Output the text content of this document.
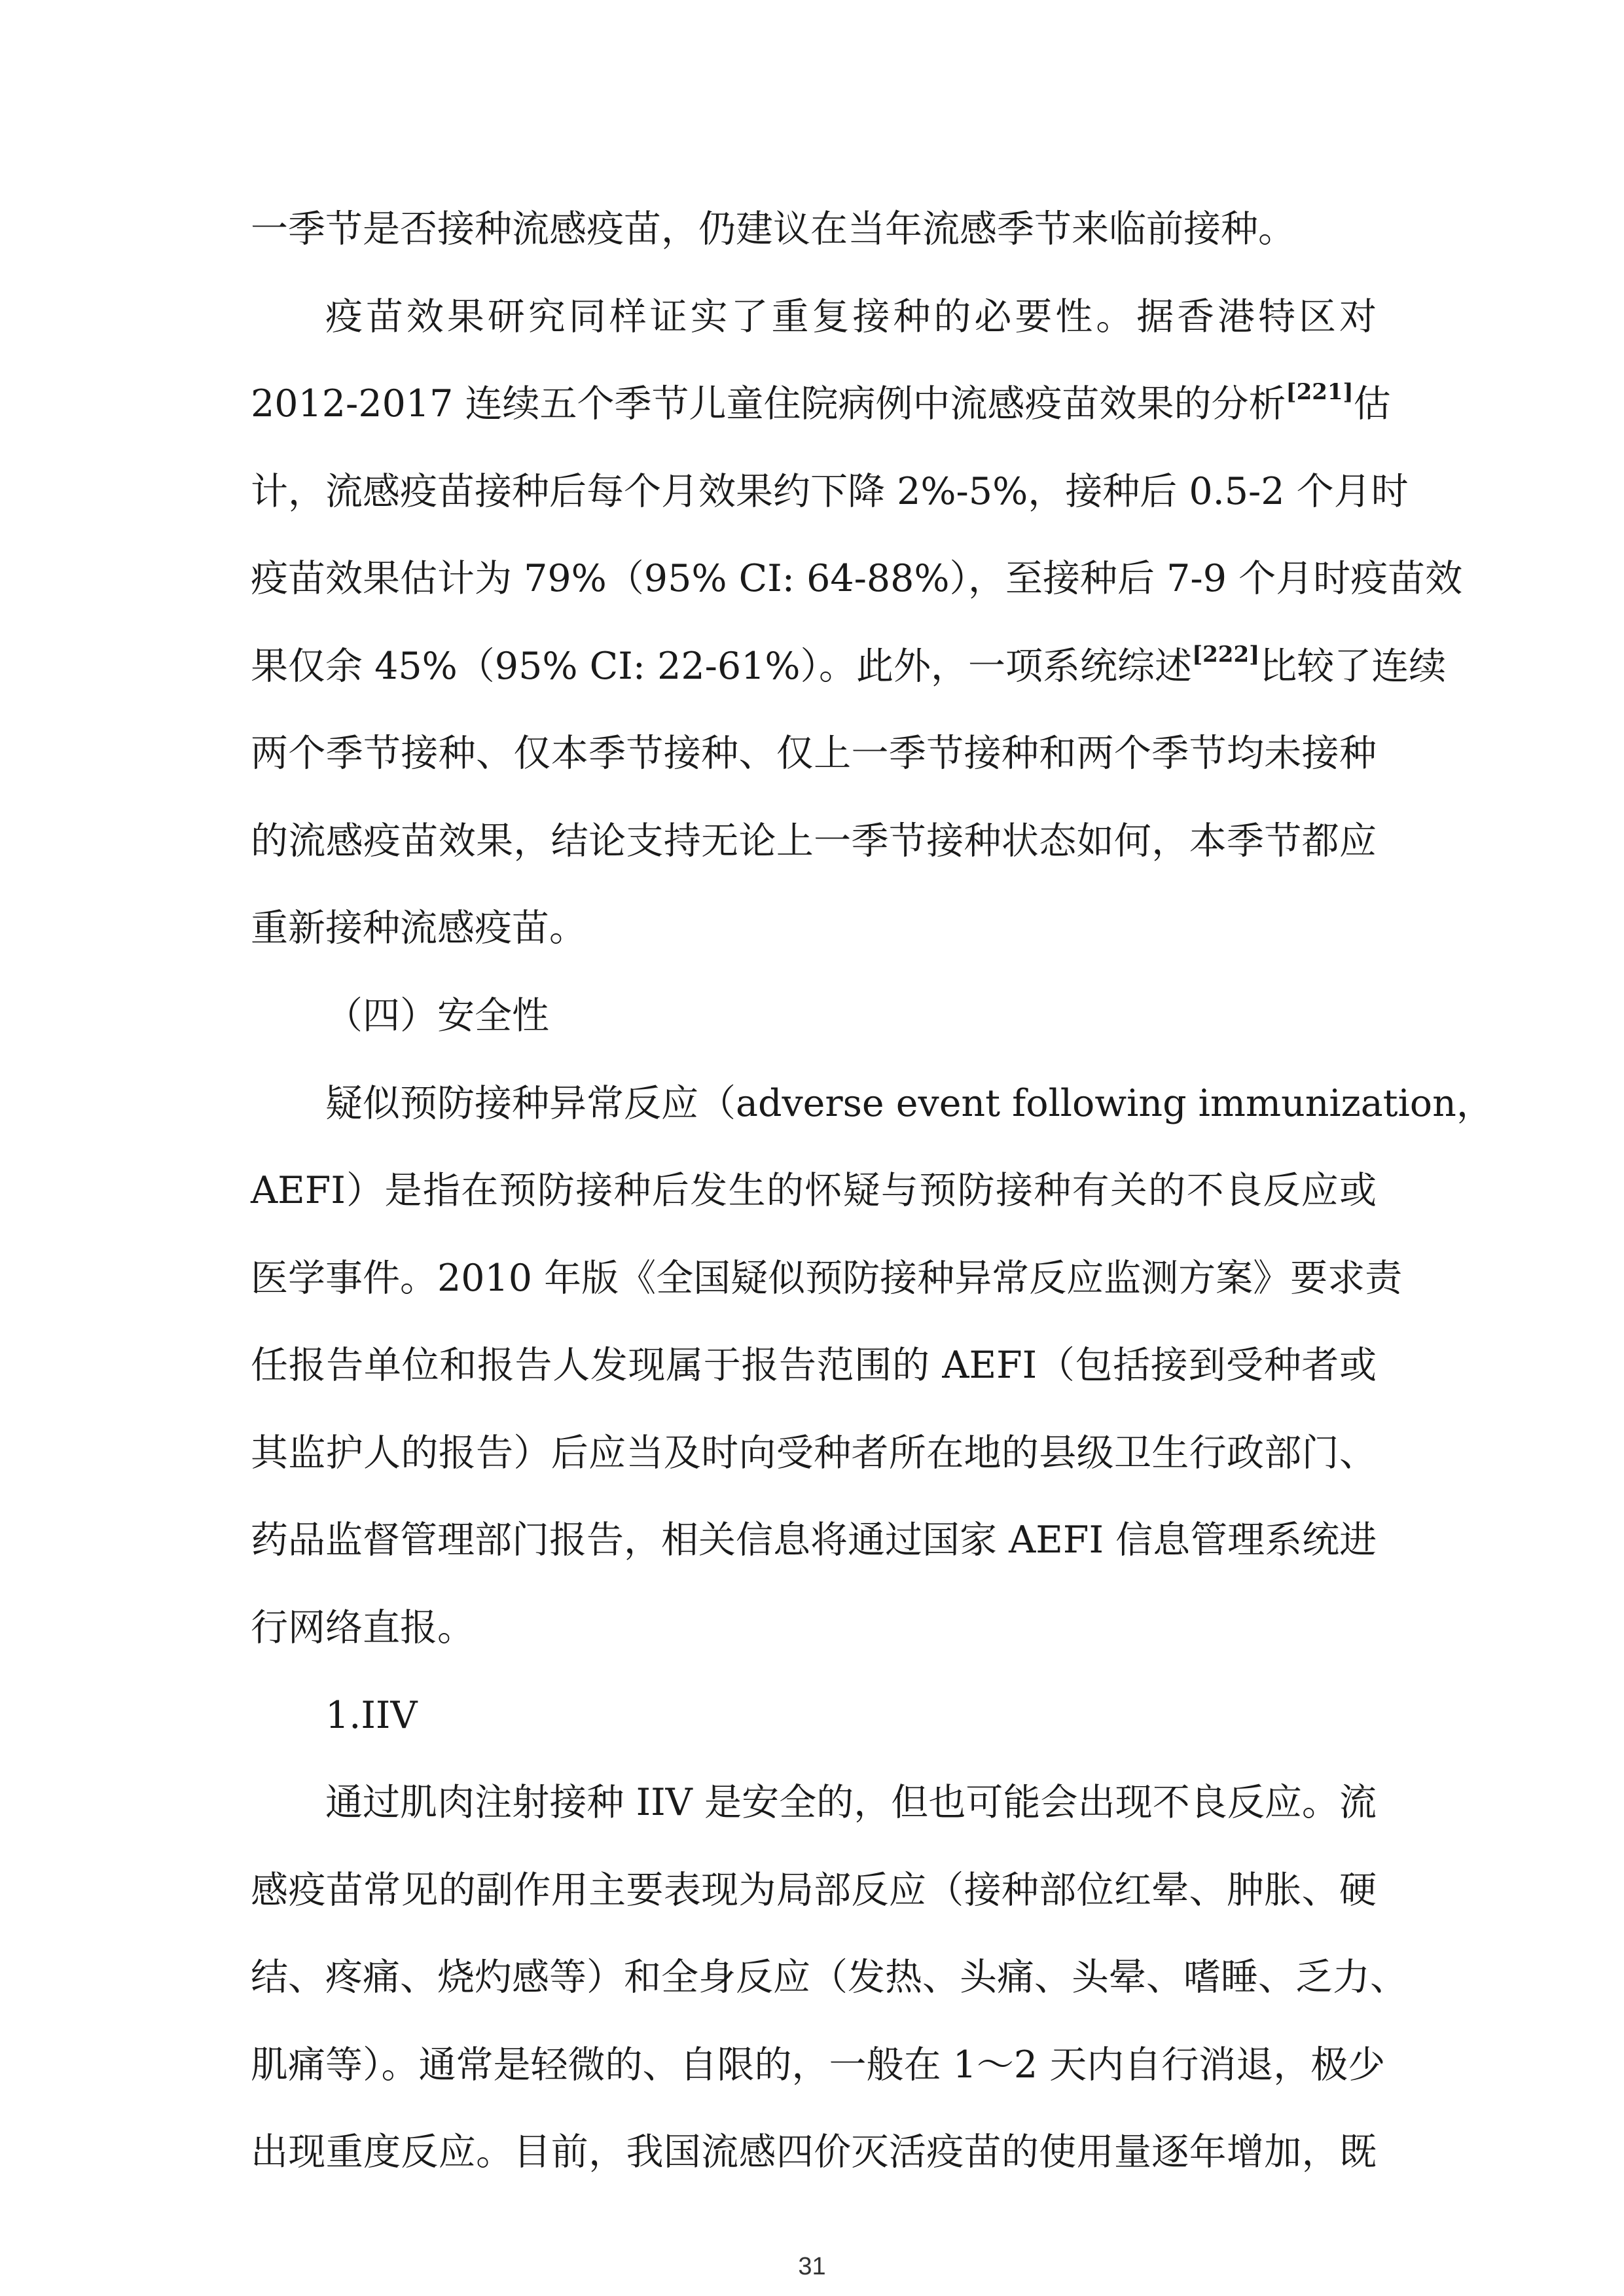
一季节是否接种流感疫苗，仍建议在当年流感季节来临前接种。
疫苗效果研究同样证实了重复接种的必要性。据香港特区对
2012-2017 连续五个季节儿童住院病例中流感疫苗效果的分析[221]估
计，流感疫苗接种后每个月效果约下降 2%-5%，接种后 0.5-2 个月时
疫苗效果估计为 79%（95% CI: 64-88%），至接种后 7-9 个月时疫苗效
果仅余 45%（95% CI: 22-61%）。此外，一项系统综述[222]比较了连续
两个季节接种、仅本季节接种、仅上一季节接种和两个季节均未接种
的流感疫苗效果，结论支持无论上一季节接种状态如何，本季节都应
重新接种流感疫苗。
（四）安全性
疑似预防接种异常反应（adverse event following immunization，
AEFI）是指在预防接种后发生的怀疑与预防接种有关的不良反应或
医学事件。2010 年版《全国疑似预防接种异常反应监测方案》要求责
任报告单位和报告人发现属于报告范围的 AEFI（包括接到受种者或
其监护人的报告）后应当及时向受种者所在地的县级卫生行政部门、
药品监督管理部门报告，相关信息将通过国家 AEFI 信息管理系统进
行网络直报。
1.IIV
通过肌肉注射接种 IIV 是安全的，但也可能会出现不良反应。流
感疫苗常见的副作用主要表现为局部反应（接种部位红晕、肿胀、硬
结、疼痛、烧灼感等）和全身反应（发热、头痛、头晕、嗜睡、乏力、
肌痛等）。通常是轻微的、自限的，一般在 1～2 天内自行消退，极少
出现重度反应。目前，我国流感四价灭活疫苗的使用量逐年增加，既
31
